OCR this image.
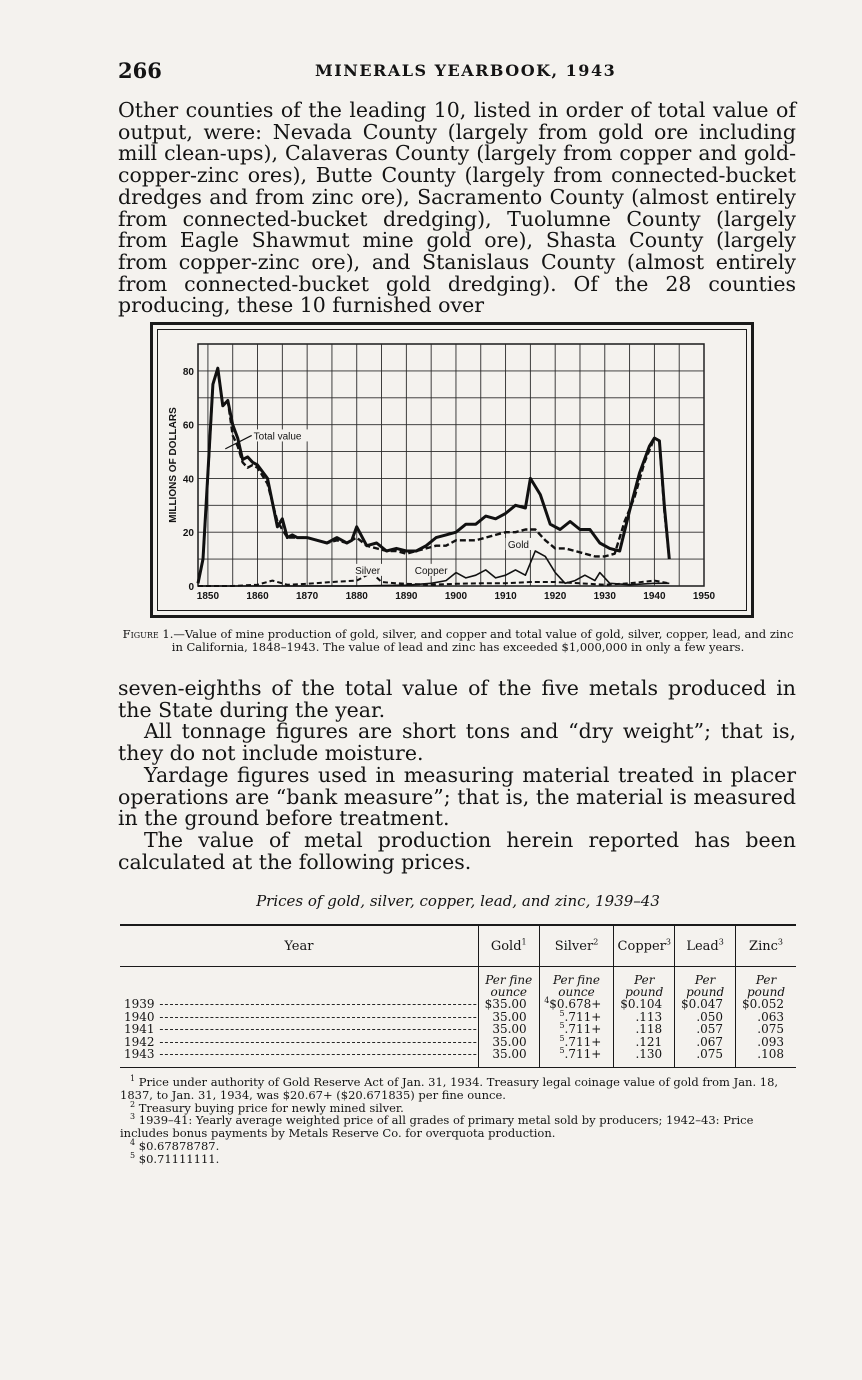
266	MINERALS YEARBOOK, 1943

Other counties of the leading 10, listed in order of total value of output, were: Nevada County (largely from gold ore including mill clean-ups), Calaveras County (largely from copper and gold-copper-zinc ores), Butte County (largely from connected-bucket dredges and from zinc ore), Sacramento County (almost entirely from connected-bucket dredging), Tuolumne County (largely from Eagle Shawmut mine gold ore), Shasta County (largely from copper-zinc ore), and Stanislaus County (almost entirely from connected-bucket gold dredging). Of the 28 counties producing, these 10 furnished over

1850	1860	1870	1880	1890	1900	1910	1920	1930	1940	1950
0
20
40
60
80
MILLIONS OF DOLLARS	Total value
Gold
Silver	Copper

Figure 1.—Value of mine production of gold, silver, and copper and total value of gold, silver, copper, lead, and zinc in California, 1848–1943. The value of lead and zinc has exceeded $1,000,000 in only a few years.

seven-eighths of the total value of the five metals produced in the State during the year.

All tonnage figures are short tons and “dry weight”; that is, they do not include moisture.

Yardage figures used in measuring material treated in placer operations are “bank measure”; that is, the material is measured in the ground before treatment.

The value of metal production herein reported has been calculated at the following prices.

Prices of gold, silver, copper, lead, and zinc, 1939–43

Year	Gold$^1$	Silver$^2$	Copper$^3$	Lead$^3$	Zinc$^3$
	Per fine ounce	Per fine ounce	Per pound	Per pound	Per pound
1939 -----	$35.00	$^4$\$0.678+	$0.104	$0.047	$0.052
1940 -----	35.00	$^5$.711+	.113	.050	.063
1941 -----	35.00	$^5$.711+	.118	.057	.075
1942 -----	35.00	$^5$.711+	.121	.067	.093
1943 -----	35.00	$^5$.711+	.130	.075	.108

$^1$ Price under authority of Gold Reserve Act of Jan. 31, 1934. Treasury legal coinage value of gold from Jan. 18, 1837, to Jan. 31, 1934, was $20.67+ ($20.671835) per fine ounce.

$^2$ Treasury buying price for newly mined silver.

$^3$ 1939–41: Yearly average weighted price of all grades of primary metal sold by producers; 1942–43: Price includes bonus payments by Metals Reserve Co. for overquota production.

$^4$ $0.67878787.

$^5$ $0.71111111.
